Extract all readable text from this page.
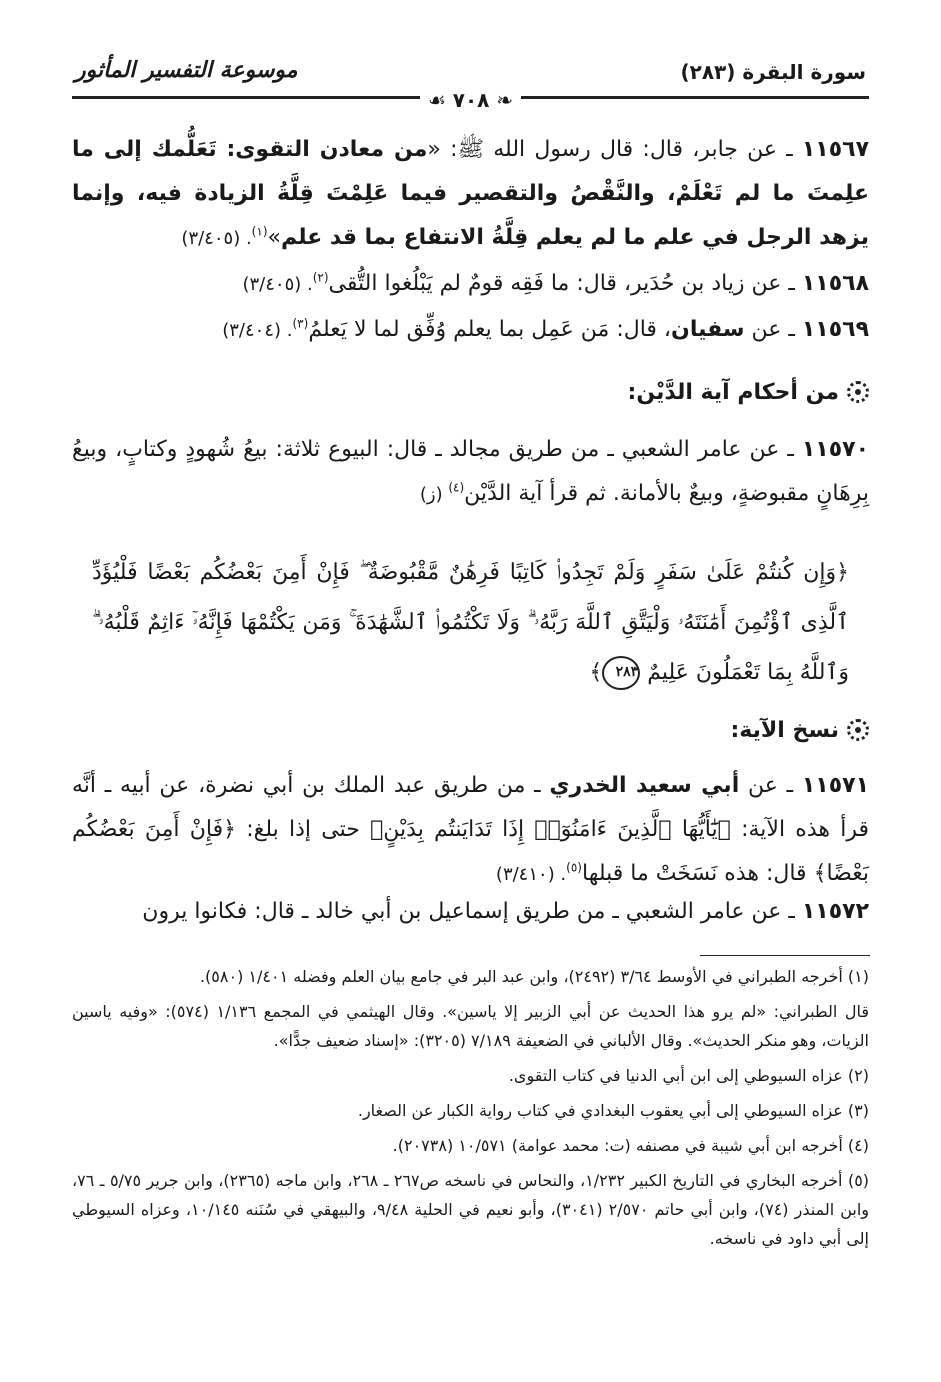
سورة البقرة (٢٨٣)
موسوعة التفسير المأثور
❧ ٧٠٨ ☙
١١٥٦٧ ـ عن جابر، قال: قال رسول الله ﷺ: «من معادن التقوى: تَعَلُّمك إلى ما علِمتَ ما لم تَعْلَمْ، والنَّقْصُ والتقصير فيما عَلِمْتَ قِلَّةُ الزيادة فيه، وإنما يزهد الرجل في علم ما لم يعلم قِلَّةُ الانتفاع بما قد علم»$^{(١)}$. (٣/٤٠٥)
١١٥٦٨ ـ عن زياد بن حُدَير، قال: ما فَقِه قومٌ لم يَبْلُغوا التُّقى$^{(٢)}$. (٣/٤٠٥)
١١٥٦٩ ـ عن سفيان، قال: مَن عَمِل بما يعلم وُفِّق لما لا يَعلمُ$^{(٣)}$. (٣/٤٠٤)
من أحكام آية الدَّيْن:
١١٥٧٠ ـ عن عامر الشعبي ـ من طريق مجالد ـ قال: البيوع ثلاثة: بيعُ شُهودٍ وكتابٍ، وبيعُ بِرِهَانٍ مقبوضةٍ، وبيعٌ بالأمانة. ثم قرأ آية الدَّيْن$^{(٤)}$ (ز)
﴿وَإِن كُنتُمْ عَلَىٰ سَفَرٍ وَلَمْ تَجِدُوا۟ كَاتِبًا فَرِهَٰنٌ مَّقْبُوضَةٌ ۖ فَإِنْ أَمِنَ بَعْضُكُم بَعْضًا فَلْيُؤَدِّ ٱلَّذِى ٱؤْتُمِنَ أَمَٰنَتَهُۥ وَلْيَتَّقِ ٱللَّهَ رَبَّهُۥ ۗ وَلَا تَكْتُمُوا۟ ٱلشَّهَٰدَةَ ۚ وَمَن يَكْتُمْهَا فَإِنَّهُۥٓ ءَاثِمٌ قَلْبُهُۥ ۗ وَٱللَّهُ بِمَا تَعْمَلُونَ عَلِيمٌ ٢٨٣﴾
نسخ الآية:
١١٥٧١ ـ عن أبي سعيد الخدري ـ من طريق عبد الملك بن أبي نضرة، عن أبيه ـ أنَّه قرأ هذه الآية: ﴿يَٰٓأَيُّهَا ٱلَّذِينَ ءَامَنُوٓا۟ إِذَا تَدَايَنتُم بِدَيْنٍ﴾ حتى إذا بلغ: ﴿فَإِنْ أَمِنَ بَعْضُكُم بَعْضًا﴾ قال: هذه نَسَخَتْ ما قبلها$^{(٥)}$. (٣/٤١٠)
١١٥٧٢ ـ عن عامر الشعبي ـ من طريق إسماعيل بن أبي خالد ـ قال: فكانوا يرون

(١) أخرجه الطبراني في الأوسط ٣/٦٤ (٢٤٩٢)، وابن عبد البر في جامع بيان العلم وفضله ١/٤٠١ (٥٨٠).

قال الطبراني: «لم يرو هذا الحديث عن أبي الزبير إلا ياسين». وقال الهيثمي في المجمع ١/١٣٦ (٥٧٤): «وفيه ياسين الزيات، وهو منكر الحديث». وقال الألباني في الضعيفة ٧/١٨٩ (٣٢٠٥): «إسناد ضعيف جدًّا».

(٢) عزاه السيوطي إلى ابن أبي الدنيا في كتاب التقوى.

(٣) عزاه السيوطي إلى أبي يعقوب البغدادي في كتاب رواية الكبار عن الصغار.

(٤) أخرجه ابن أبي شيبة في مصنفه (ت: محمد عوامة) ١٠/٥٧١ (٢٠٧٣٨).

(٥) أخرجه البخاري في التاريخ الكبير ١/٢٣٢، والنحاس في ناسخه ص٢٦٧ ـ ٢٦٨، وابن ماجه (٢٣٦٥)، وابن جرير ٥/٧٥ ـ ٧٦، وابن المنذر (٧٤)، وابن أبي حاتم ٢/٥٧٠ (٣٠٤١)، وأبو نعيم في الحلية ٩/٤٨، والبيهقي في سُنَنه ١٠/١٤٥، وعزاه السيوطي إلى أبي داود في ناسخه.
